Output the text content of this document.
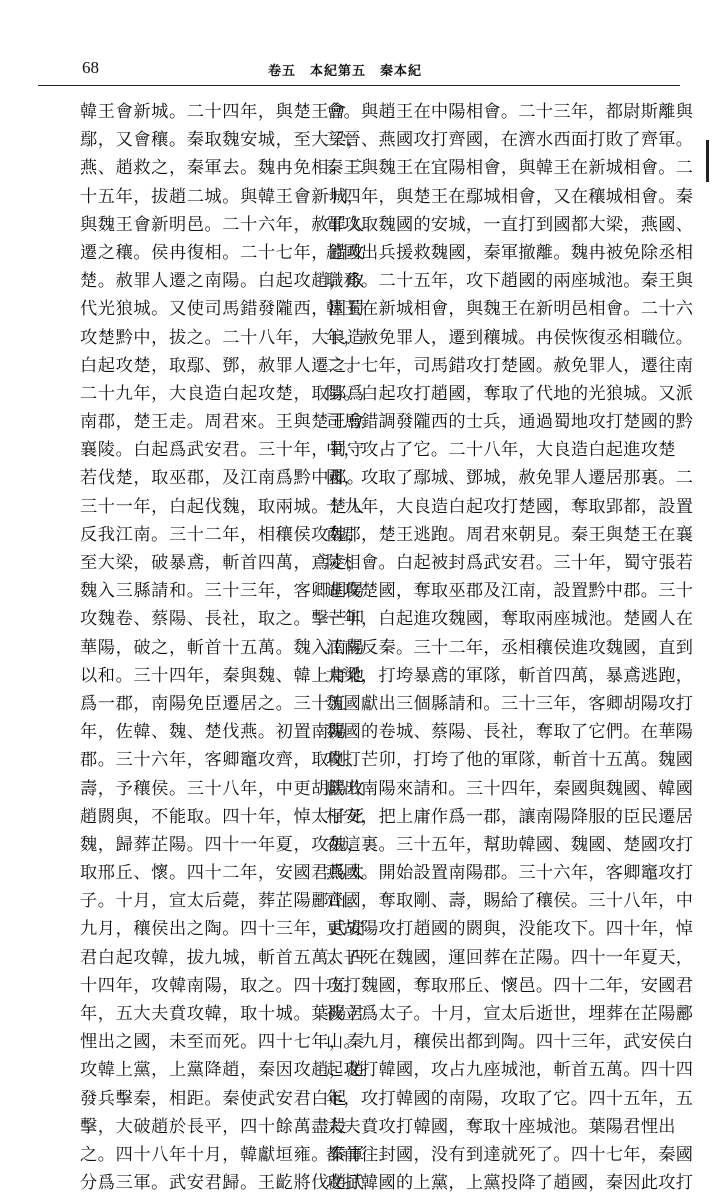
68	卷五　本紀第五　秦本紀
韓王會新城。二十四年，與楚王會
鄢，又會穰。秦取魏安城，至大梁，
燕、趙救之，秦軍去。魏冉免相。二
十五年，拔趙二城。與韓王會新城，
與魏王會新明邑。二十六年，赦罪人
遷之穰。侯冉復相。二十七年，錯攻
楚。赦罪人遷之南陽。白起攻趙，取
代光狼城。又使司馬錯發隴西，因蜀
攻楚黔中，拔之。二十八年，大良造
白起攻楚，取鄢、鄧，赦罪人遷之。
二十九年，大良造白起攻楚，取郢爲
南郡，楚王走。周君來。王與楚王會
襄陵。白起爲武安君。三十年，蜀守
若伐楚，取巫郡，及江南爲黔中郡。
三十一年，白起伐魏，取兩城。楚人
反我江南。三十二年，相穰侯攻魏，
至大梁，破暴鳶，斬首四萬，鳶走，
魏入三縣請和。三十三年，客卿胡陽
攻魏卷、蔡陽、長社，取之。擊芒卯
華陽，破之，斬首十五萬。魏入南陽
以和。三十四年，秦與魏、韓上庸地
爲一郡，南陽免臣遷居之。三十五
年，佐韓、魏、楚伐燕。初置南陽
郡。三十六年，客卿竈攻齊，取剛、
壽，予穰侯。三十八年，中更胡陽攻
趙閼與，不能取。四十年，悼太子死
魏，歸葬芷陽。四十一年夏，攻魏，
取邢丘、懷。四十二年，安國君爲太
子。十月，宣太后薨，葬芷陽酈山。
九月，穰侯出之陶。四十三年，武安
君白起攻韓，拔九城，斬首五萬。四
十四年，攻韓南陽，取之。四十五
年，五大夫賁攻韓，取十城。葉陽君
悝出之國，未至而死。四十七年，秦
攻韓上黨，上黨降趙，秦因攻趙，趙
發兵擊秦，相距。秦使武安君白起
擊，大破趙於長平，四十餘萬盡殺
之。四十八年十月，韓獻垣雍。秦軍
分爲三軍。武安君歸。王齕將伐趙武
會。與趙王在中陽相會。二十三年，都尉斯離與
三晉、燕國攻打齊國，在濟水西面打敗了齊軍。
秦王與魏王在宜陽相會，與韓王在新城相會。二
十四年，與楚王在鄢城相會，又在穰城相會。秦
軍攻取魏國的安城，一直打到國都大梁，燕國、
趙國出兵援救魏國，秦軍撤離。魏冉被免除丞相
職務。二十五年，攻下趙國的兩座城池。秦王與
韓王在新城相會，與魏王在新明邑相會。二十六
年，赦免罪人，遷到穰城。冉侯恢復丞相職位。
二十七年，司馬錯攻打楚國。赦免罪人，遷往南
陽。白起攻打趙國，奪取了代地的光狼城。又派
司馬錯調發隴西的士兵，通過蜀地攻打楚國的黔
中，攻占了它。二十八年，大良造白起進攻楚
國，攻取了鄢城、鄧城，赦免罪人遷居那裏。二
十九年，大良造白起攻打楚國，奪取郢都，設置
南郡，楚王逃跑。周君來朝見。秦王與楚王在襄
陵相會。白起被封爲武安君。三十年，蜀守張若
進攻楚國，奪取巫郡及江南，設置黔中郡。三十
一年，白起進攻魏國，奪取兩座城池。楚國人在
江南反秦。三十二年，丞相穰侯進攻魏國，直到
大梁，打垮暴鳶的軍隊，斬首四萬，暴鳶逃跑，
魏國獻出三個縣請和。三十三年，客卿胡陽攻打
魏國的卷城、蔡陽、長社，奪取了它們。在華陽
攻打芒卯，打垮了他的軍隊，斬首十五萬。魏國
獻出南陽來請和。三十四年，秦國與魏國、韓國
相安，把上庸作爲一郡，讓南陽降服的臣民遷居
在這裏。三十五年，幫助韓國、魏國、楚國攻打
燕國。開始設置南陽郡。三十六年，客卿竈攻打
齊國，奪取剛、壽，賜給了穰侯。三十八年，中
更胡陽攻打趙國的閼與，没能攻下。四十年，悼
太子死在魏國，運回葬在芷陽。四十一年夏天，
攻打魏國，奪取邢丘、懷邑。四十二年，安國君
被立爲太子。十月，宣太后逝世，埋葬在芷陽酈
山。九月，穰侯出都到陶。四十三年，武安侯白
起攻打韓國，攻占九座城池，斬首五萬。四十四
年，攻打韓國的南陽，攻取了它。四十五年，五
大夫賁攻打韓國，奪取十座城池。葉陽君悝出
都前往封國，没有到達就死了。四十七年，秦國
攻打韓國的上黨，上黨投降了趙國，秦因此攻打
